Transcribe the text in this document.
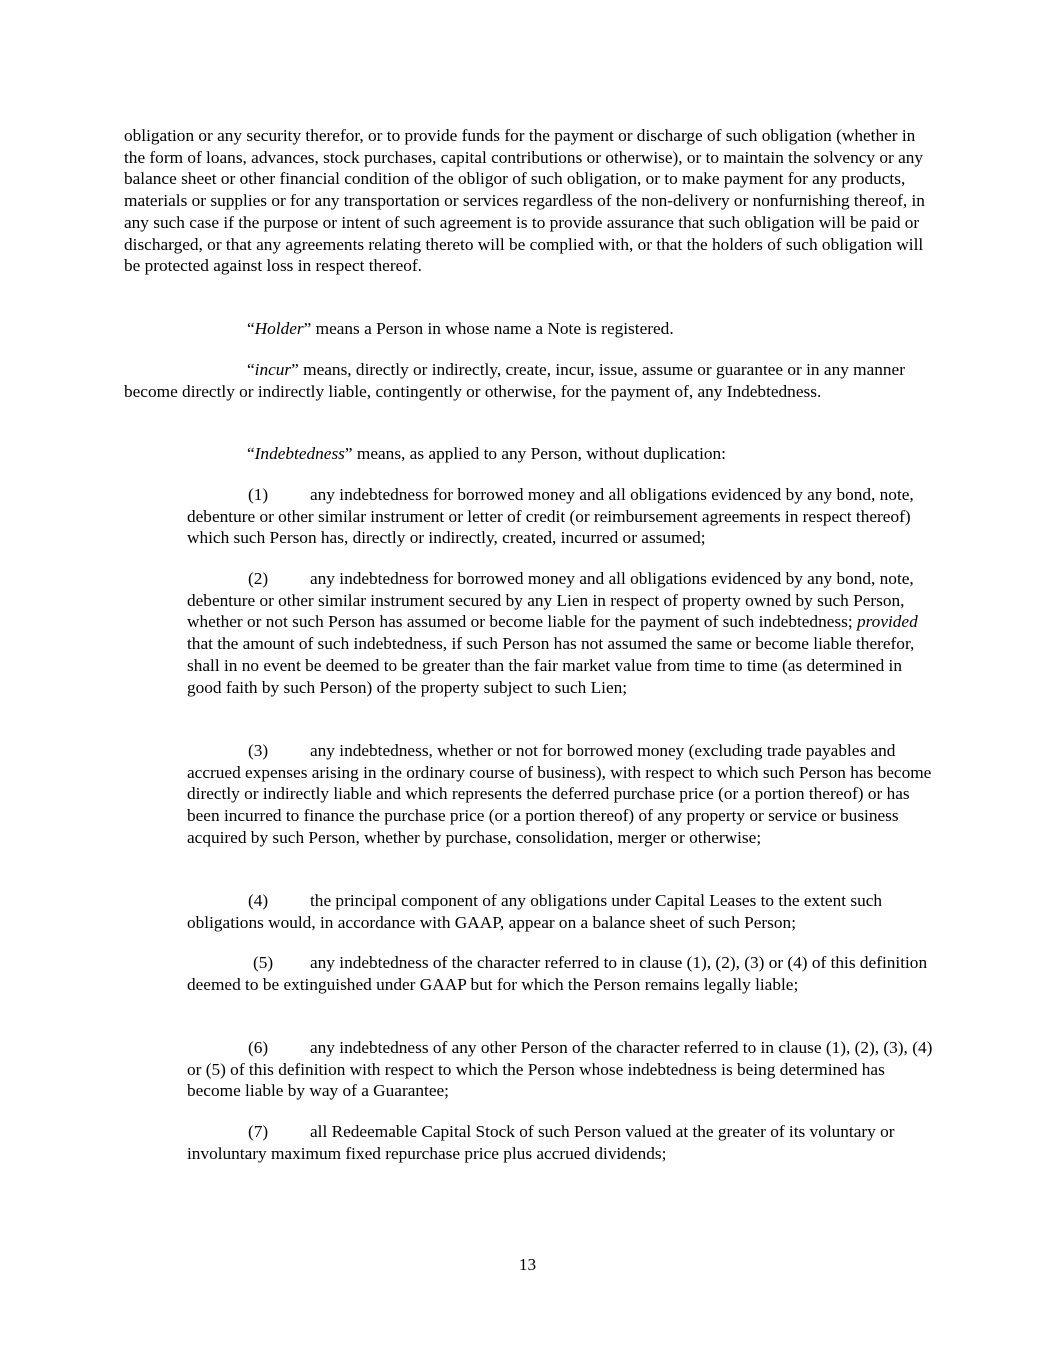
obligation or any security therefor, or to provide funds for the payment or discharge of such obligation (whether in the form of loans, advances, stock purchases, capital contributions or otherwise), or to maintain the solvency or any balance sheet or other financial condition of the obligor of such obligation, or to make payment for any products, materials or supplies or for any transportation or services regardless of the non-delivery or nonfurnishing thereof, in any such case if the purpose or intent of such agreement is to provide assurance that such obligation will be paid or discharged, or that any agreements relating thereto will be complied with, or that the holders of such obligation will be protected against loss in respect thereof.

“Holder” means a Person in whose name a Note is registered.

“incur” means, directly or indirectly, create, incur, issue, assume or guarantee or in any manner become directly or indirectly liable, contingently or otherwise, for the payment of, any Indebtedness.

“Indebtedness” means, as applied to any Person, without duplication:

(1) any indebtedness for borrowed money and all obligations evidenced by any bond, note, debenture or other similar instrument or letter of credit (or reimbursement agreements in respect thereof) which such Person has, directly or indirectly, created, incurred or assumed;

(2) any indebtedness for borrowed money and all obligations evidenced by any bond, note, debenture or other similar instrument secured by any Lien in respect of property owned by such Person, whether or not such Person has assumed or become liable for the payment of such indebtedness; provided that the amount of such indebtedness, if such Person has not assumed the same or become liable therefor, shall in no event be deemed to be greater than the fair market value from time to time (as determined in good faith by such Person) of the property subject to such Lien;

(3) any indebtedness, whether or not for borrowed money (excluding trade payables and accrued expenses arising in the ordinary course of business), with respect to which such Person has become directly or indirectly liable and which represents the deferred purchase price (or a portion thereof) or has been incurred to finance the purchase price (or a portion thereof) of any property or service or business acquired by such Person, whether by purchase, consolidation, merger or otherwise;

(4) the principal component of any obligations under Capital Leases to the extent such obligations would, in accordance with GAAP, appear on a balance sheet of such Person;

(5) any indebtedness of the character referred to in clause (1), (2), (3) or (4) of this definition deemed to be extinguished under GAAP but for which the Person remains legally liable;

(6) any indebtedness of any other Person of the character referred to in clause (1), (2), (3), (4) or (5) of this definition with respect to which the Person whose indebtedness is being determined has become liable by way of a Guarantee;

(7) all Redeemable Capital Stock of such Person valued at the greater of its voluntary or involuntary maximum fixed repurchase price plus accrued dividends;

13
